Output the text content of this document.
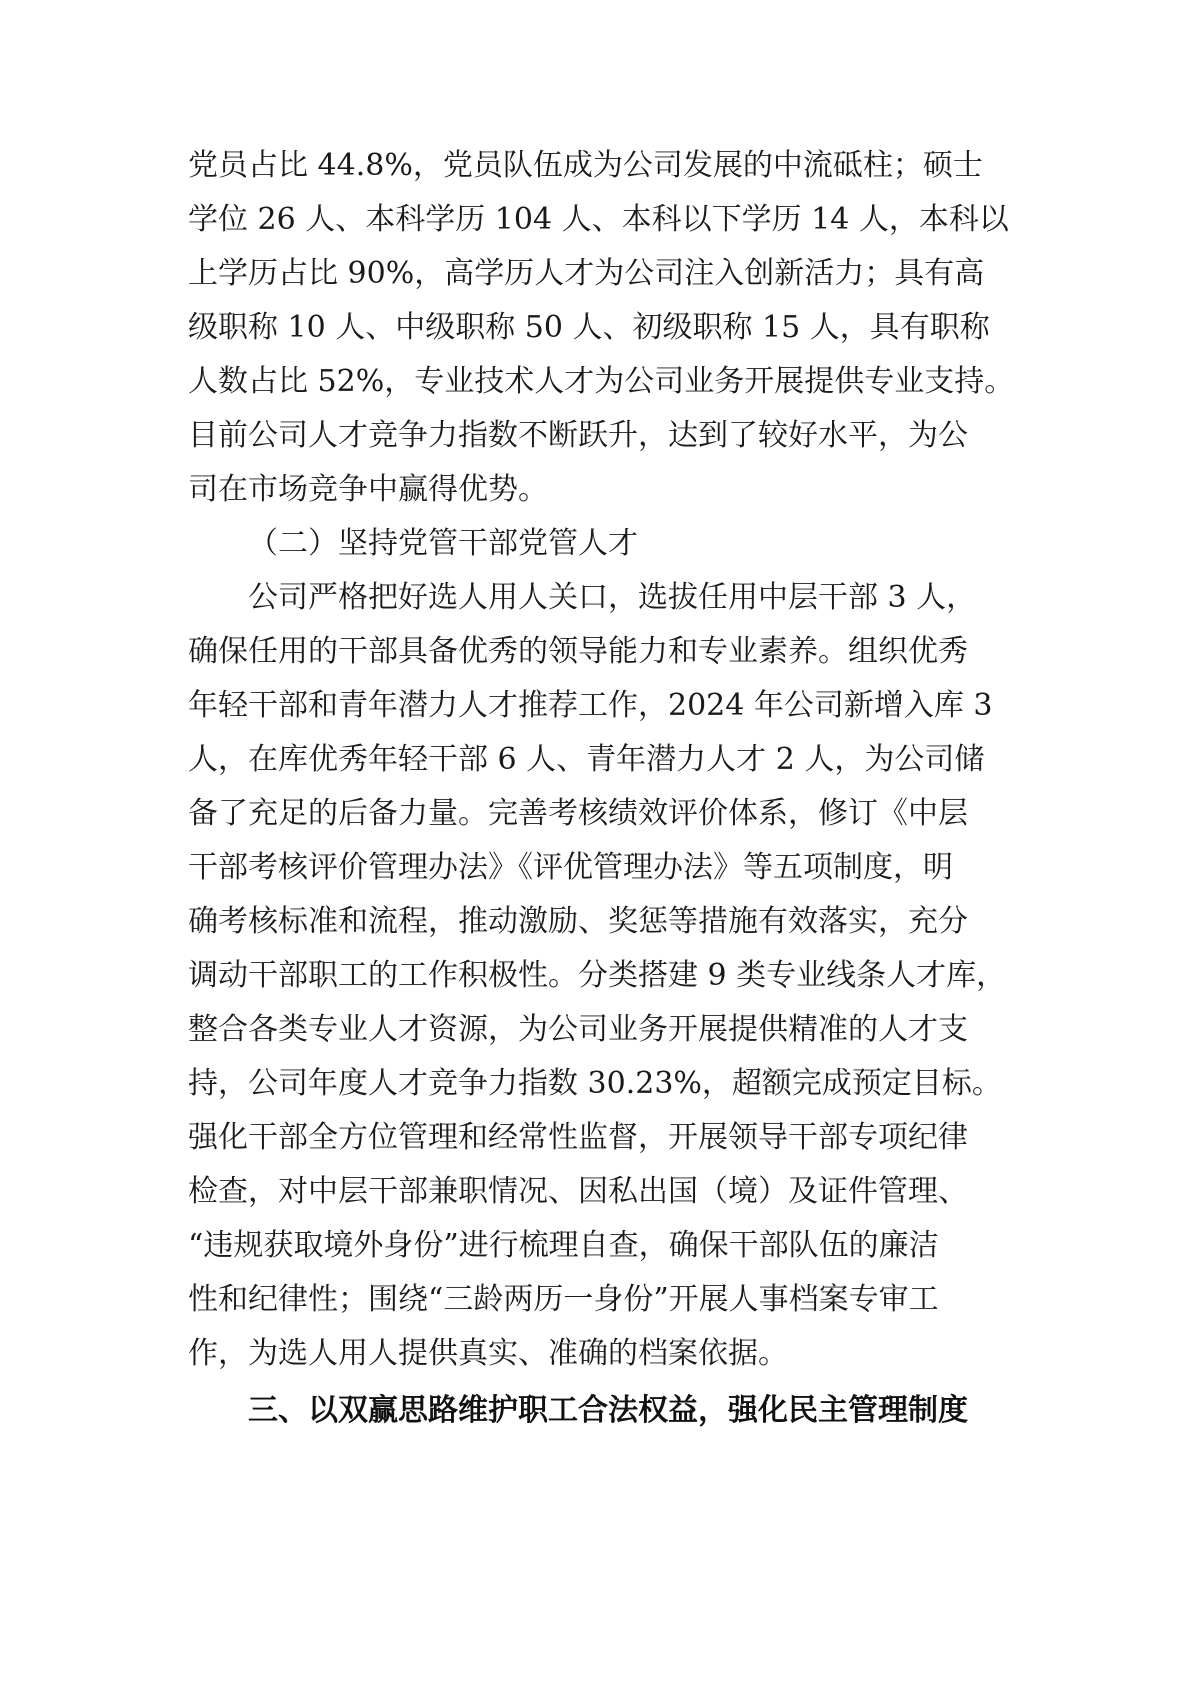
党员占比 44.8%，党员队伍成为公司发展的中流砥柱；硕士
学位 26 人、本科学历 104 人、本科以下学历 14 人，本科以
上学历占比 90%，高学历人才为公司注入创新活力；具有高
级职称 10 人、中级职称 50 人、初级职称 15 人，具有职称
人数占比 52%，专业技术人才为公司业务开展提供专业支持。
目前公司人才竞争力指数不断跃升，达到了较好水平，为公
司在市场竞争中赢得优势。
（二）坚持党管干部党管人才
公司严格把好选人用人关口，选拔任用中层干部 3 人，
确保任用的干部具备优秀的领导能力和专业素养。组织优秀
年轻干部和青年潜力人才推荐工作，2024 年公司新增入库 3
人，在库优秀年轻干部 6 人、青年潜力人才 2 人，为公司储
备了充足的后备力量。完善考核绩效评价体系，修订《中层
干部考核评价管理办法》《评优管理办法》等五项制度，明
确考核标准和流程，推动激励、奖惩等措施有效落实，充分
调动干部职工的工作积极性。分类搭建 9 类专业线条人才库，
整合各类专业人才资源，为公司业务开展提供精准的人才支
持，公司年度人才竞争力指数 30.23%，超额完成预定目标。
强化干部全方位管理和经常性监督，开展领导干部专项纪律
检查，对中层干部兼职情况、因私出国（境）及证件管理、
“违规获取境外身份”进行梳理自查，确保干部队伍的廉洁
性和纪律性；围绕“三龄两历一身份”开展人事档案专审工
作，为选人用人提供真实、准确的档案依据。
三、以双赢思路维护职工合法权益，强化民主管理制度
